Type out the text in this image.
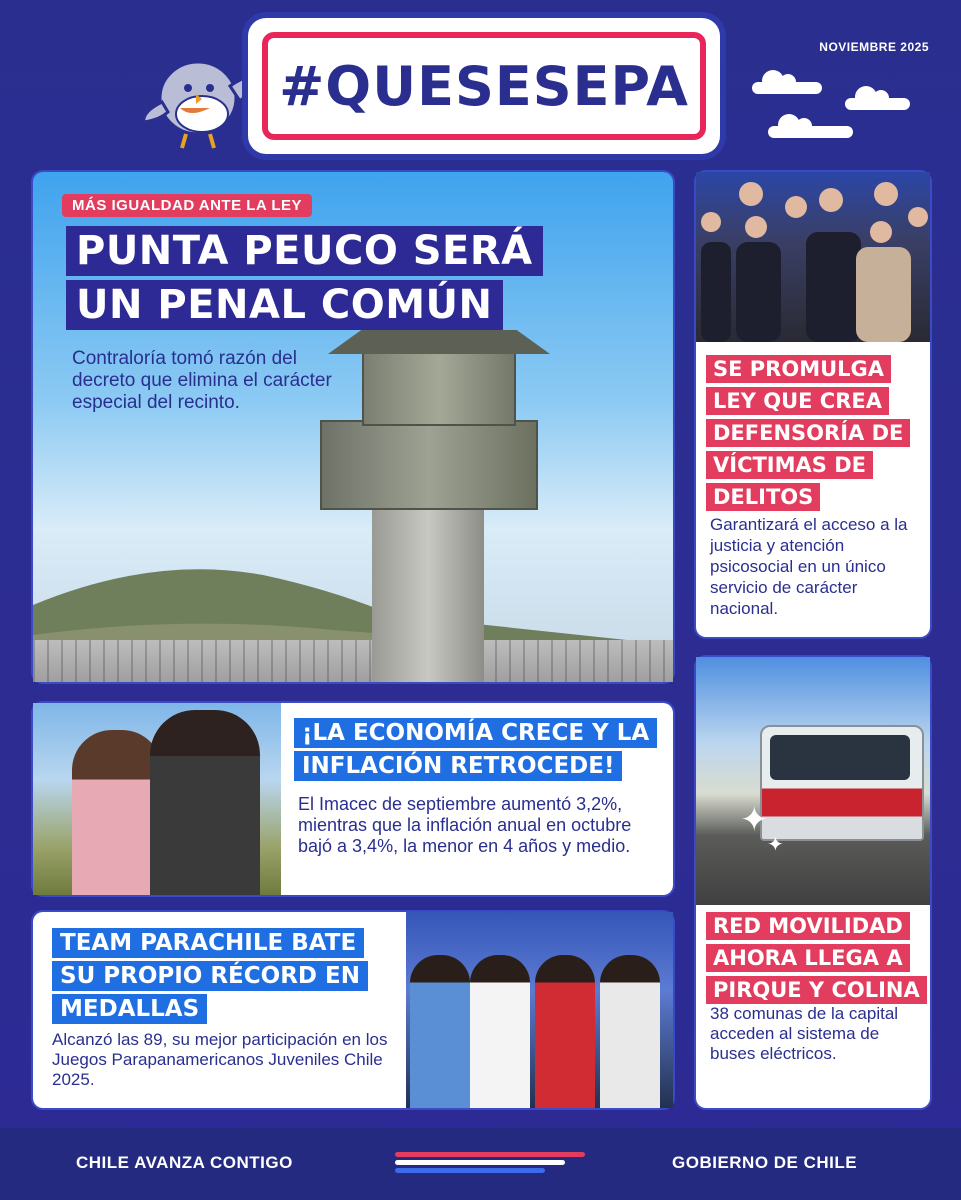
#QUESESEPA
NOVIEMBRE 2025
MÁS IGUALDAD ANTE LA LEY
PUNTA PEUCO SERÁ
UN PENAL COMÚN
Contraloría tomó razón del decreto que elimina el carácter especial del recinto.
¡LA ECONOMÍA CRECE Y LA
INFLACIÓN RETROCEDE!
El Imacec de septiembre aumentó 3,2%, mientras que la inflación anual en octubre bajó a 3,4%, la menor en 4 años y medio.
TEAM PARACHILE BATE
SU PROPIO RÉCORD EN
MEDALLAS
Alcanzó las 89, su mejor participación en los Juegos Parapanamericanos Juveniles Chile 2025.
SE PROMULGA
LEY QUE CREA
DEFENSORÍA DE
VÍCTIMAS DE
DELITOS
Garantizará el acceso a la justicia y atención psicosocial en un único servicio de carácter nacional.
✦
✦
RED MOVILIDAD
AHORA LLEGA A
PIRQUE Y COLINA
38 comunas de la capital acceden al sistema de buses eléctricos.
CHILE AVANZA CONTIGO	GOBIERNO DE CHILE
